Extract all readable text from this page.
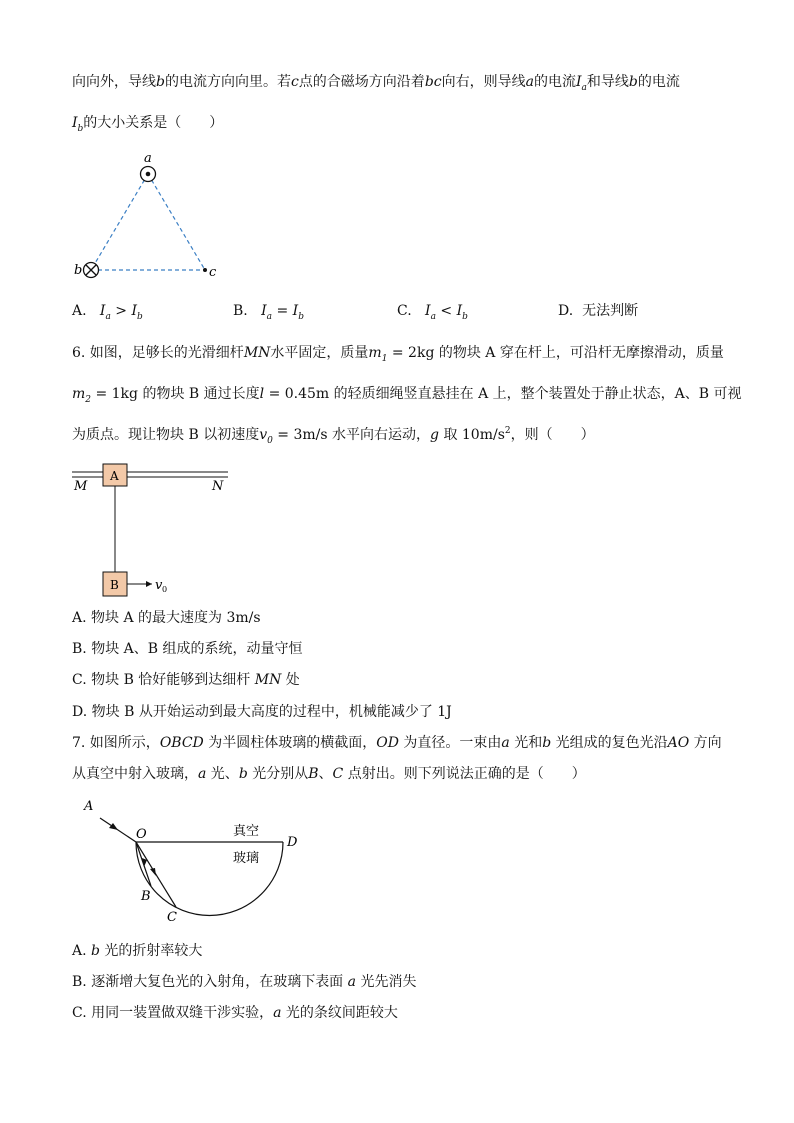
向向外，导线b的电流方向向里。若c点的合磁场方向沿着bc向右，则导线a的电流$I_a$和导线b的电流
$I_b$的大小关系是（　　）
a
b	c
A
B
M	N
v 0
A
O
D
B
C
真空
玻璃
A. $I_a > I_b$	B. $I_a = I_b$	C. $I_a < I_b$	D. 无法判断
6. 如图，足够长的光滑细杆MN水平固定，质量$m_1 = 2kg$ 的物块 A 穿在杆上，可沿杆无摩擦滑动，质量
$m_2 = 1kg$ 的物块 B 通过长度l = 0.45m 的轻质细绳竖直悬挂在 A 上，整个装置处于静止状态，A、B 可视
为质点。现让物块 B 以初速度$v_0 = 3m/s$ 水平向右运动，g 取 $10m/s^2$，则（　　）
A. 物块 A 的最大速度为 3m/s
B. 物块 A、B 组成的系统，动量守恒
C. 物块 B 恰好能够到达细杆 MN 处
D. 物块 B 从开始运动到最大高度的过程中，机械能减少了 1J
7. 如图所示，OBCD 为半圆柱体玻璃的横截面，OD 为直径。一束由a 光和b 光组成的复色光沿AO 方向
从真空中射入玻璃，a 光、b 光分别从B、C 点射出。则下列说法正确的是（　　）
A. b 光的折射率较大
B. 逐渐增大复色光的入射角，在玻璃下表面 a 光先消失
C. 用同一装置做双缝干涉实验，a 光的条纹间距较大
